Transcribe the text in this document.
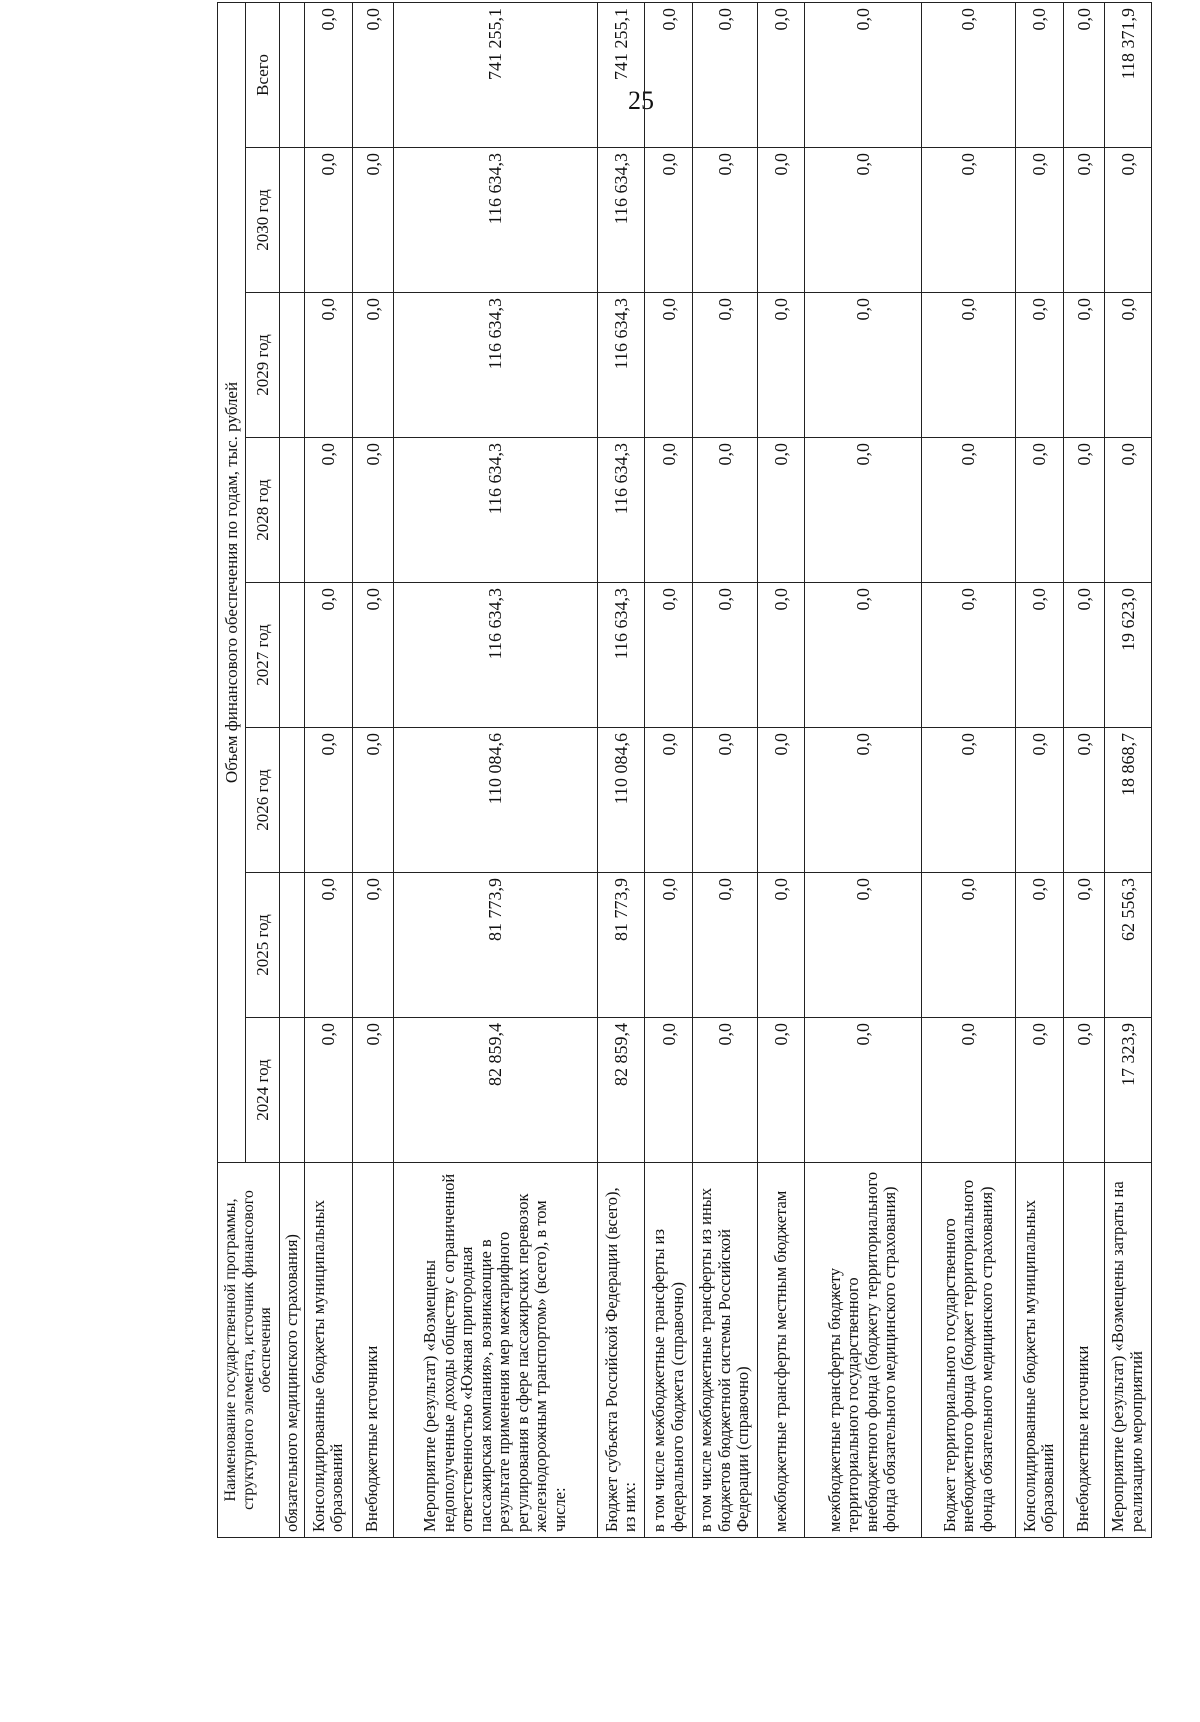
25
Наименование государственной программы, структурного элемента, источник финансового обеспечения	Объем финансового обеспечения по годам, тыс. рублей							
	2024 год	2025 год	2026 год	2027 год	2028 год	2029 год	2030 год	Всего
обязательного медицинского страхования)								
Консолидированные бюджеты муниципальных образований	0,0	0,0	0,0	0,0	0,0	0,0	0,0	0,0
Внебюджетные источники	0,0	0,0	0,0	0,0	0,0	0,0	0,0	0,0
Мероприятие (результат) «Возмещены недополученные доходы обществу с ограниченной ответственностью «Южная пригородная пассажирская компания», возникающие в результате применения мер межтарифного регулирования в сфере пассажирских перевозок железнодорожным транспортом» (всего), в том числе:	82 859,4	81 773,9	110 084,6	116 634,3	116 634,3	116 634,3	116 634,3	741 255,1
Бюджет субъекта Российской Федерации (всего), из них:	82 859,4	81 773,9	110 084,6	116 634,3	116 634,3	116 634,3	116 634,3	741 255,1
в том числе межбюджетные трансферты из федерального бюджета (справочно)	0,0	0,0	0,0	0,0	0,0	0,0	0,0	0,0
в том числе межбюджетные трансферты из иных бюджетов бюджетной системы Российской Федерации (справочно)	0,0	0,0	0,0	0,0	0,0	0,0	0,0	0,0
межбюджетные трансферты местным бюджетам	0,0	0,0	0,0	0,0	0,0	0,0	0,0	0,0
межбюджетные трансферты бюджету территориального государственного внебюджетного фонда (бюджету территориального фонда обязательного медицинского страхования)	0,0	0,0	0,0	0,0	0,0	0,0	0,0	0,0
Бюджет территориального государственного внебюджетного фонда (бюджет территориального фонда обязательного медицинского страхования)	0,0	0,0	0,0	0,0	0,0	0,0	0,0	0,0
Консолидированные бюджеты муниципальных образований	0,0	0,0	0,0	0,0	0,0	0,0	0,0	0,0
Внебюджетные источники	0,0	0,0	0,0	0,0	0,0	0,0	0,0	0,0
Мероприятие (результат) «Возмещены затраты на реализацию мероприятий	17 323,9	62 556,3	18 868,7	19 623,0	0,0	0,0	0,0	118 371,9
